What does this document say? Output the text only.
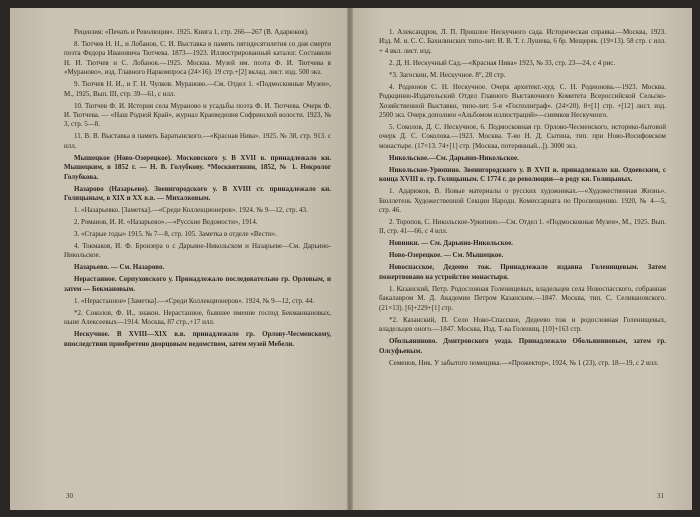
Рецензия: «Печать и Революция». 1925. Книга 1, стр. 266—267 (В. Адарюков).

8. Тютчев Н. Н., и Лобанов, С. И. Выставка в память пятидесятилетия со дня смерти поэта Федора Ивановича Тютчева. 1873—1923. Иллюстрированный каталог. Составили Н. И. Тютчев и С. Лобанов.—1925. Москва. Музей им. поэта Ф. И. Тютчева в «Мураново», изд. Главного Наркомпроса (24×16). 19 стр.+[2] вклад. лист. изд. 500 экз.

9. Тютчев Н. И., и Г. Н. Чулков. Мураново.—См. Отдел 1. «Подмосковные Музеи», М., 1925, Вып. III, стр. 39—61, с илл.

10. Тютчев Ф. И. История села Мураново и усадьбы поэта Ф. И. Тютчева. Очерк Ф. И. Тютчева. — «Наш Родной Край», журнал Краеведения Софринской волости. 1923, № 3, стр. 5—8.

11. В. В. Выставка в память Баратынского.—«Красная Нива». 1925. № 38, стр. 913. с илл.

Мышецкое (Ново-Озерецкое). Московского у. В XVII в. принадлежало кн. Мышецким, в 1852 г. — Н. В. Голубкову. *Москвитянин, 1852, № 1. Некролог Голубкова.

Назарово (Назарьево). Звенигородского у. В XVIII ст. принадлежало кн. Голицыным, в XIX и XX в.в. — Михалковым.

1. «Назарьевко. [Заметка].—«Среди Коллекционеров». 1924. № 9—12, стр. 43.

2. Романов, И. И. «Назарьево».—«Русские Ведомости», 1914.

3. «Старые годы» 1915. № 7—8, стр. 105. Заметка в отделе «Вести».

4. Токмаков, И. Ф. Бронзера о с Дарьине-Никольском и Назарьеве—См. Дарьино-Никольское.

Назарьево. — См. Назарово.

Нерастанное. Серпуховского у. Принадлежало последовательно гр. Орловым, и затем — Бекмановым.

1. «Нерастанное» [Заметка].—«Среди Коллекционеров». 1924, № 9—12, стр. 44.

*2. Соколов, Ф. И., знакон. Нерастанное, бывшее имение господ Бекманиановых, ныне Алексеевых—1914. Москва, 87 стр.,+17 илл.

Нескучное. В XVIII—XIX в.в. принадлежало гр. Орлову-Чесменскому, впоследствии приобретено дворцовым ведомством, затем музей Мебели.

30

1. Александров, Л. П. Прошлое Нескучного сада. Историческая справка.—Москва, 1923. Изд. М. и. С. С. Бахилинских типо-лит. И. В. Т. г. Лушева, 6 бр. Мещеряк. (19×13). 58 стр. с илл. + 4 вкл. лист. изд.

2. Д. Н. Нескучный Сад.—«Красная Нива» 1923, № 33, стр. 23—24, с 4 рис.

*3. Загоскин, М. Нескучное. 8°, 28 стр.

4. Родионов С. Н. Нескучное. Очерк архитект.-худ. С. Н. Родионова.—1923. Москва. Родкцинно-Издательский Отдел Главного Выставочного Комитета Всероссийской Сельско-Хозяйственной Выставки, типо-лит. 5-я «Госполиграф». (24×20). 8+[1] стр. +[12] лист. изд. 2500 экз. Очерк дополнен «Альбомом иллюстраций»—снимков Нескучного.

5. Соколов, Д. С. Нескучное, 6. Подмосковная гр. Орлово-Чесменского, историко-бытовой очерк Д. С. Соколова.—1923. Москва. Т-во Н. Д. Сытина, тип. при Ново-Иосифовском монастыре. (17×13. 74+[1] стр. [Москва, потерянный...]). 3000 экз.

Никольское.—См. Дарьино-Никольское.

Никольское-Урюпино. Звенигородского у. В XVII в. принадлежало кн. Одоевским, с конца XVIII в. гр. Голицыным. С 1774 г. до революции—в роду кн. Голицыных.

1. Адарюков, В. Новые материалы о русских художниках.—«Художественная Жизнь». Бюллетень Художественной Секции Народн. Комиссариата по Просвещению. 1920, № 4—5, стр. 46.

2. Торопов, С. Никольское-Урюпино.—См. Отдел 1. «Подмосковные Музеи», М., 1925. Вып. II, стр. 41—66, с 4 илл.

Новинки. — См. Дарьино-Никольское.

Ново-Озерецкое. — См. Мышецкое.

Новоспасское, Дедеево тож. Принадлежало издавна Голенищевым. Затем пожертвовано на устройство монастыря.

1. Казанский, Петр. Родословная Голенищевых, владельцев села Новоспасского, собранная бакалавром М. Д. Академии Петром Казанским.—1847. Москва, тип. С. Селивановского. (21×13). [6]+229+[1] стр.

*2. Казанский, П. Село Ново-Спасское, Дедеево тож и родословная Голенищевых, владельцев оного.—1847. Москва, Изд. Т-ва Голенищ. [10]+163 стр.

Обольяниново. Дмитровского уезда. Принадлежало Обольяниновым, затем гр. Олсуфьевым.

Семенов, Ник. У забытого помещика.—«Прожектор», 1924, № 1 (23), стр. 18—19, с 2 илл.

31
